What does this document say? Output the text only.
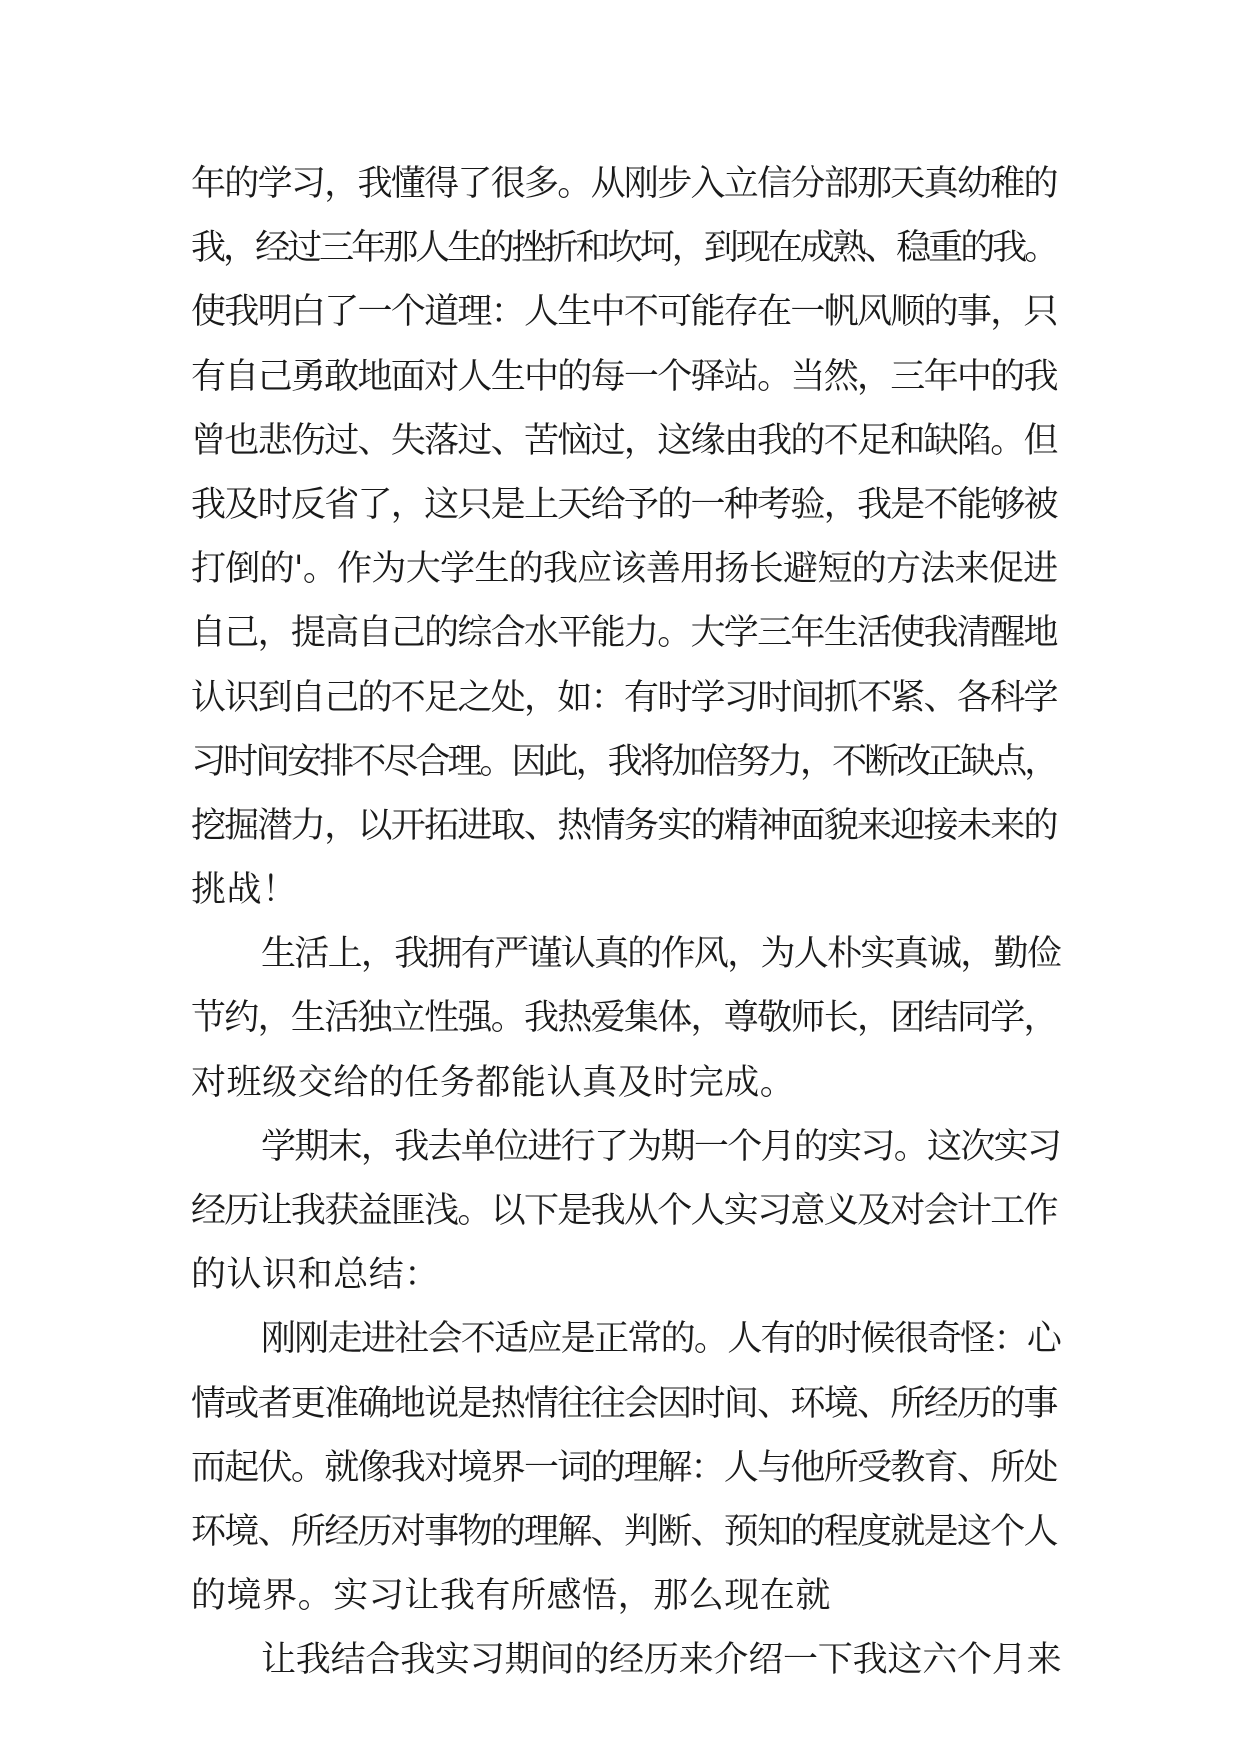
年的学习，我懂得了很多。从刚步入立信分部那天真幼稚的
我，经过三年那人生的挫折和坎坷，到现在成熟、稳重的我。
使我明白了一个道理：人生中不可能存在一帆风顺的事，只
有自己勇敢地面对人生中的每一个驿站。当然，三年中的我
曾也悲伤过、失落过、苦恼过，这缘由我的不足和缺陷。但
我及时反省了，这只是上天给予的一种考验，我是不能够被
打倒的'。作为大学生的我应该善用扬长避短的方法来促进
自己，提高自己的综合水平能力。大学三年生活使我清醒地
认识到自己的不足之处，如：有时学习时间抓不紧、各科学
习时间安排不尽合理。因此，我将加倍努力，不断改正缺点，
挖掘潜力，以开拓进取、热情务实的精神面貌来迎接未来的
挑战！
生活上，我拥有严谨认真的作风，为人朴实真诚，勤俭
节约，生活独立性强。我热爱集体，尊敬师长，团结同学，
对班级交给的任务都能认真及时完成。
学期末，我去单位进行了为期一个月的实习。这次实习
经历让我获益匪浅。以下是我从个人实习意义及对会计工作
的认识和总结：
刚刚走进社会不适应是正常的。人有的时候很奇怪：心
情或者更准确地说是热情往往会因时间、环境、所经历的事
而起伏。就像我对境界一词的理解：人与他所受教育、所处
环境、所经历对事物的理解、判断、预知的程度就是这个人
的境界。实习让我有所感悟，那么现在就
让我结合我实习期间的经历来介绍一下我这六个月来
